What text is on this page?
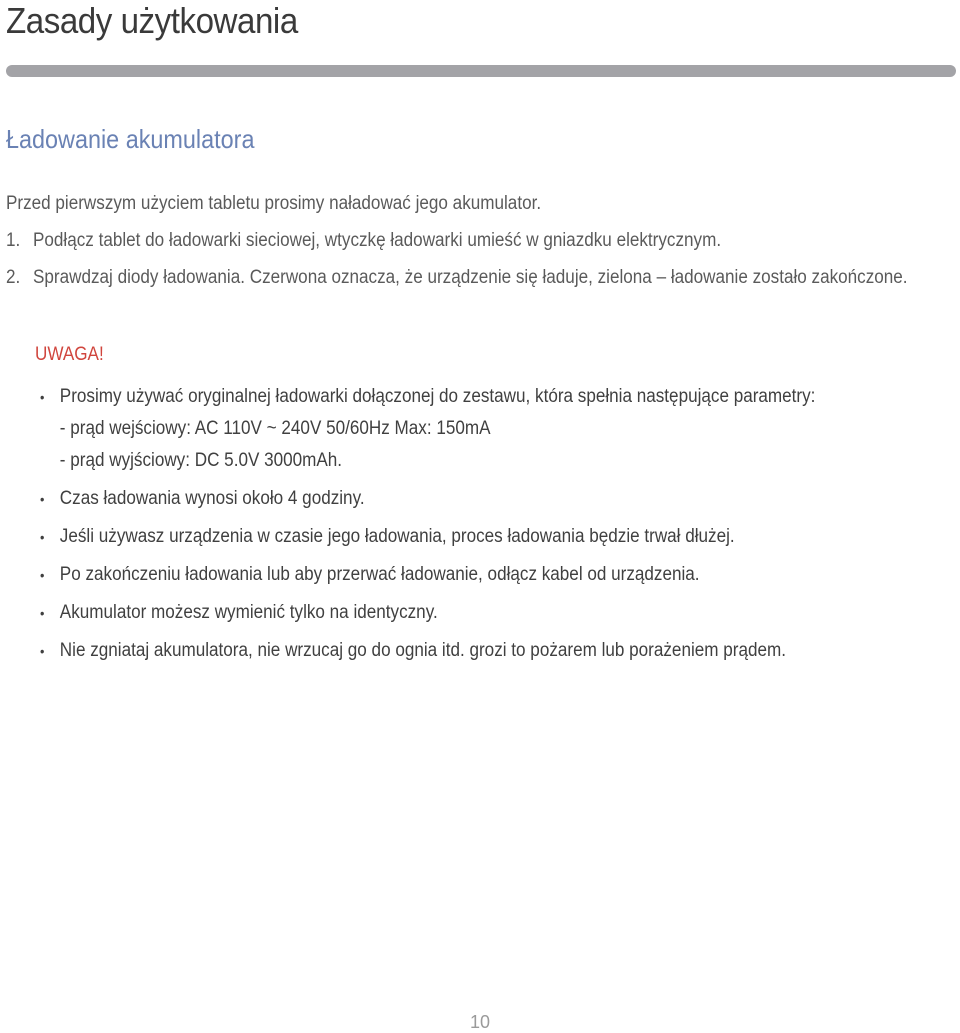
Zasady użytkowania
Ładowanie akumulatora

Przed pierwszym użyciem tabletu prosimy naładować jego akumulator.

1. Podłącz tablet do ładowarki sieciowej, wtyczkę ładowarki umieść w gniazdku elektrycznym.
2. Sprawdzaj diody ładowania. Czerwona oznacza, że urządzenie się ładuje, zielona – ładowanie zostało zakończone.
UWAGA!
• Prosimy używać oryginalnej ładowarki dołączonej do zestawu, która spełnia następujące parametry:
- prąd wejściowy: AC 110V ~ 240V 50/60Hz Max: 150mA
- prąd wyjściowy: DC 5.0V 3000mAh.
• Czas ładowania wynosi około 4 godziny.
• Jeśli używasz urządzenia w czasie jego ładowania, proces ładowania będzie trwał dłużej.
• Po zakończeniu ładowania lub aby przerwać ładowanie, odłącz kabel od urządzenia.
• Akumulator możesz wymienić tylko na identyczny.
• Nie zgniataj akumulatora, nie wrzucaj go do ognia itd. grozi to pożarem lub porażeniem prądem.
10
